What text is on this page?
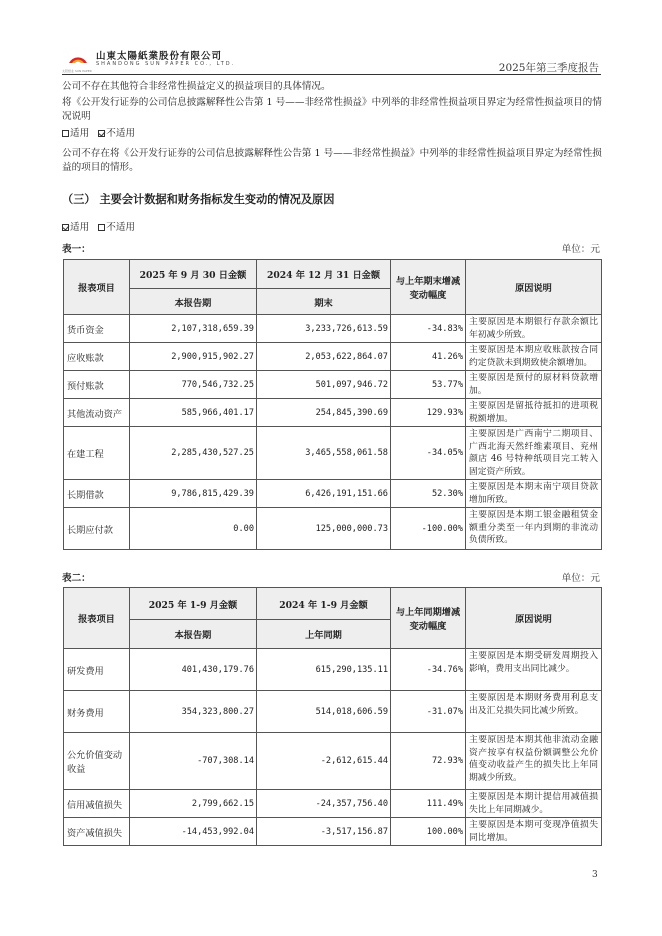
山東太陽紙業股份有限公司
SHANDONG SUN PAPER CO., LTD.
太阳纸业 SUN PAPER	2025年第三季度报告
公司不存在其他符合非经常性损益定义的损益项目的具体情况。
将《公开发行证券的公司信息披露解释性公告第 1 号——非经常性损益》中列举的非经常性损益项目界定为经常性损益项目的情况说明
适用 不适用
公司不存在将《公开发行证券的公司信息披露解释性公告第 1 号——非经常性损益》中列举的非经常性损益项目界定为经常性损益的项目的情形。
（三） 主要会计数据和财务指标发生变动的情况及原因
适用 不适用
表一：	单位：元
报表项目	2025 年 9 月 30 日金额	2024 年 12 月 31 日金额	与上年期末增减变动幅度	原因说明
	本报告期	期末		
货币资金	2,107,318,659.39	3,233,726,613.59	-34.83%	主要原因是本期银行存款余额比年初减少所致。
应收账款	2,900,915,902.27	2,053,622,864.07	41.26%	主要原因是本期应收账款按合同约定贷款未到期致使余额增加。
预付账款	770,546,732.25	501,097,946.72	53.77%	主要原因是预付的原材料贷款增加。
其他流动资产	585,966,401.17	254,845,390.69	129.93%	主要原因是留抵待抵扣的进项税税额增加。
在建工程	2,285,430,527.25	3,465,558,061.58	-34.05%	主要原因是广西南宁二期项目、广西北海天然纤维素项目、兖州颜店 46 号特种纸项目完工转入固定资产所致。
长期借款	9,786,815,429.39	6,426,191,151.66	52.30%	主要原因是本期末南宁项目贷款增加所致。
长期应付款	0.00	125,000,000.73	-100.00%	主要原因是本期工银金融租赁金额重分类至一年内到期的非流动负债所致。
表二：	单位：元
报表项目	2025 年 1-9 月金额	2024 年 1-9 月金额	与上年同期增减变动幅度	原因说明
	本报告期	上年同期		
研发费用	401,430,179.76	615,290,135.11	-34.76%	主要原因是本期受研发周期投入影响，费用支出同比减少。
财务费用	354,323,800.27	514,018,606.59	-31.07%	主要原因是本期财务费用利息支出及汇兑损失同比减少所致。
公允价值变动收益	-707,308.14	-2,612,615.44	72.93%	主要原因是本期其他非流动金融资产按享有权益份额调整公允价值变动收益产生的损失比上年同期减少所致。
信用减值损失	2,799,662.15	-24,357,756.40	111.49%	主要原因是本期计提信用减值损失比上年同期减少。
资产减值损失	-14,453,992.04	-3,517,156.87	100.00%	主要原因是本期可变现净值损失同比增加。
3
